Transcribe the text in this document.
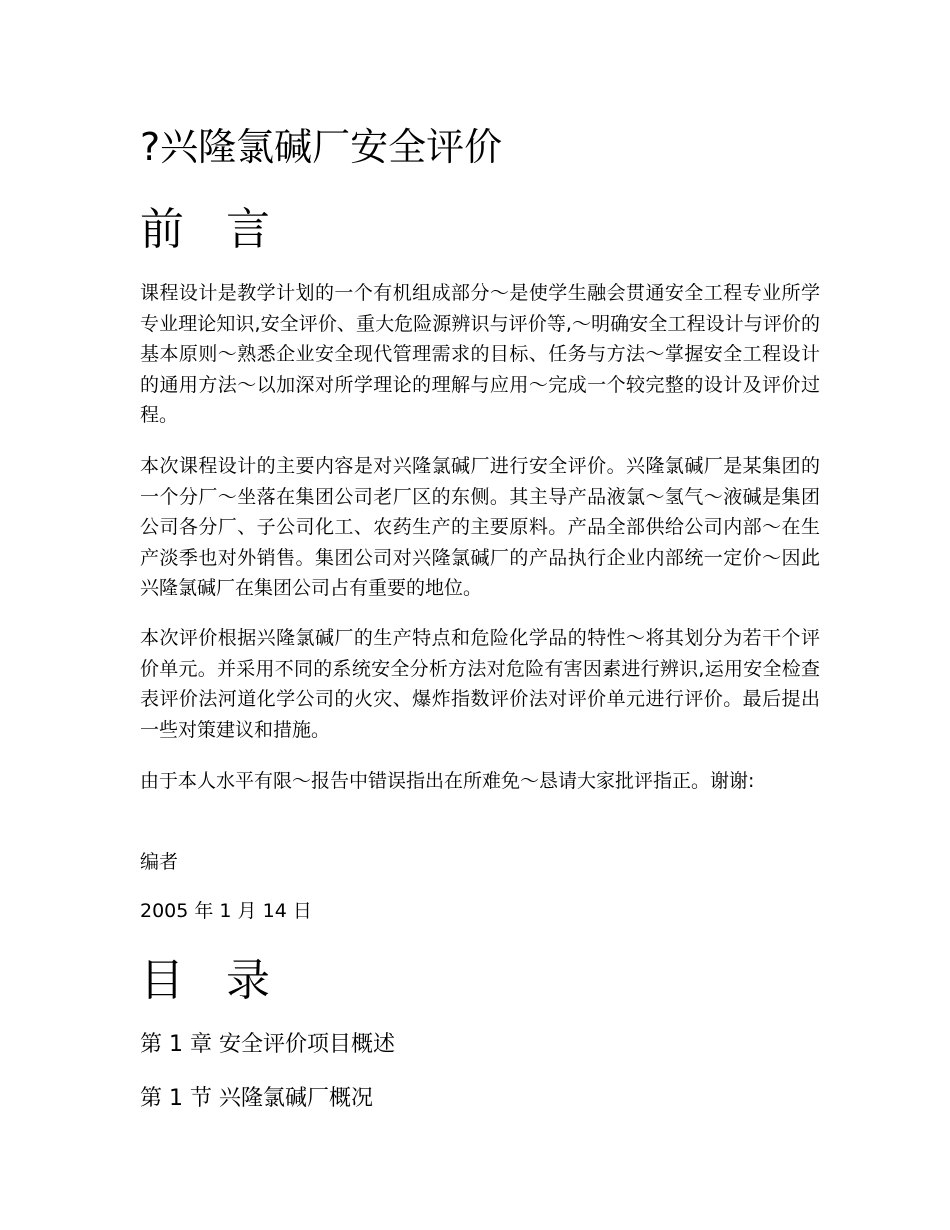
?兴隆氯碱厂安全评价
前 言

课程设计是教学计划的一个有机组成部分～是使学生融会贯通安全工程专业所学专业理论知识,安全评价、重大危险源辨识与评价等,～明确安全工程设计与评价的基本原则～熟悉企业安全现代管理需求的目标、任务与方法～掌握安全工程设计的通用方法～以加深对所学理论的理解与应用～完成一个较完整的设计及评价过程。

本次课程设计的主要内容是对兴隆氯碱厂进行安全评价。兴隆氯碱厂是某集团的一个分厂～坐落在集团公司老厂区的东侧。其主导产品液氯～氢气～液碱是集团 公司各分厂、子公司化工、农药生产的主要原料。产品全部供给公司内部～在生产淡季也对外销售。集团公司对兴隆氯碱厂的产品执行企业内部统一定价～因此兴隆氯碱厂在集团公司占有重要的地位。

本次评价根据兴隆氯碱厂的生产特点和危险化学品的特性～将其划分为若干个评价单元。并采用不同的系统安全分析方法对危险有害因素进行辨识,运用安全检查表评价法河道化学公司的火灾、爆炸指数评价法对评价单元进行评价。最后提出一些对策建议和措施。

由于本人水平有限～报告中错误指出在所难免～恳请大家批评指正。谢谢:

编者

2005 年 1 月 14 日

目 录

第 1 章 安全评价项目概述

第 1 节 兴隆氯碱厂概况
